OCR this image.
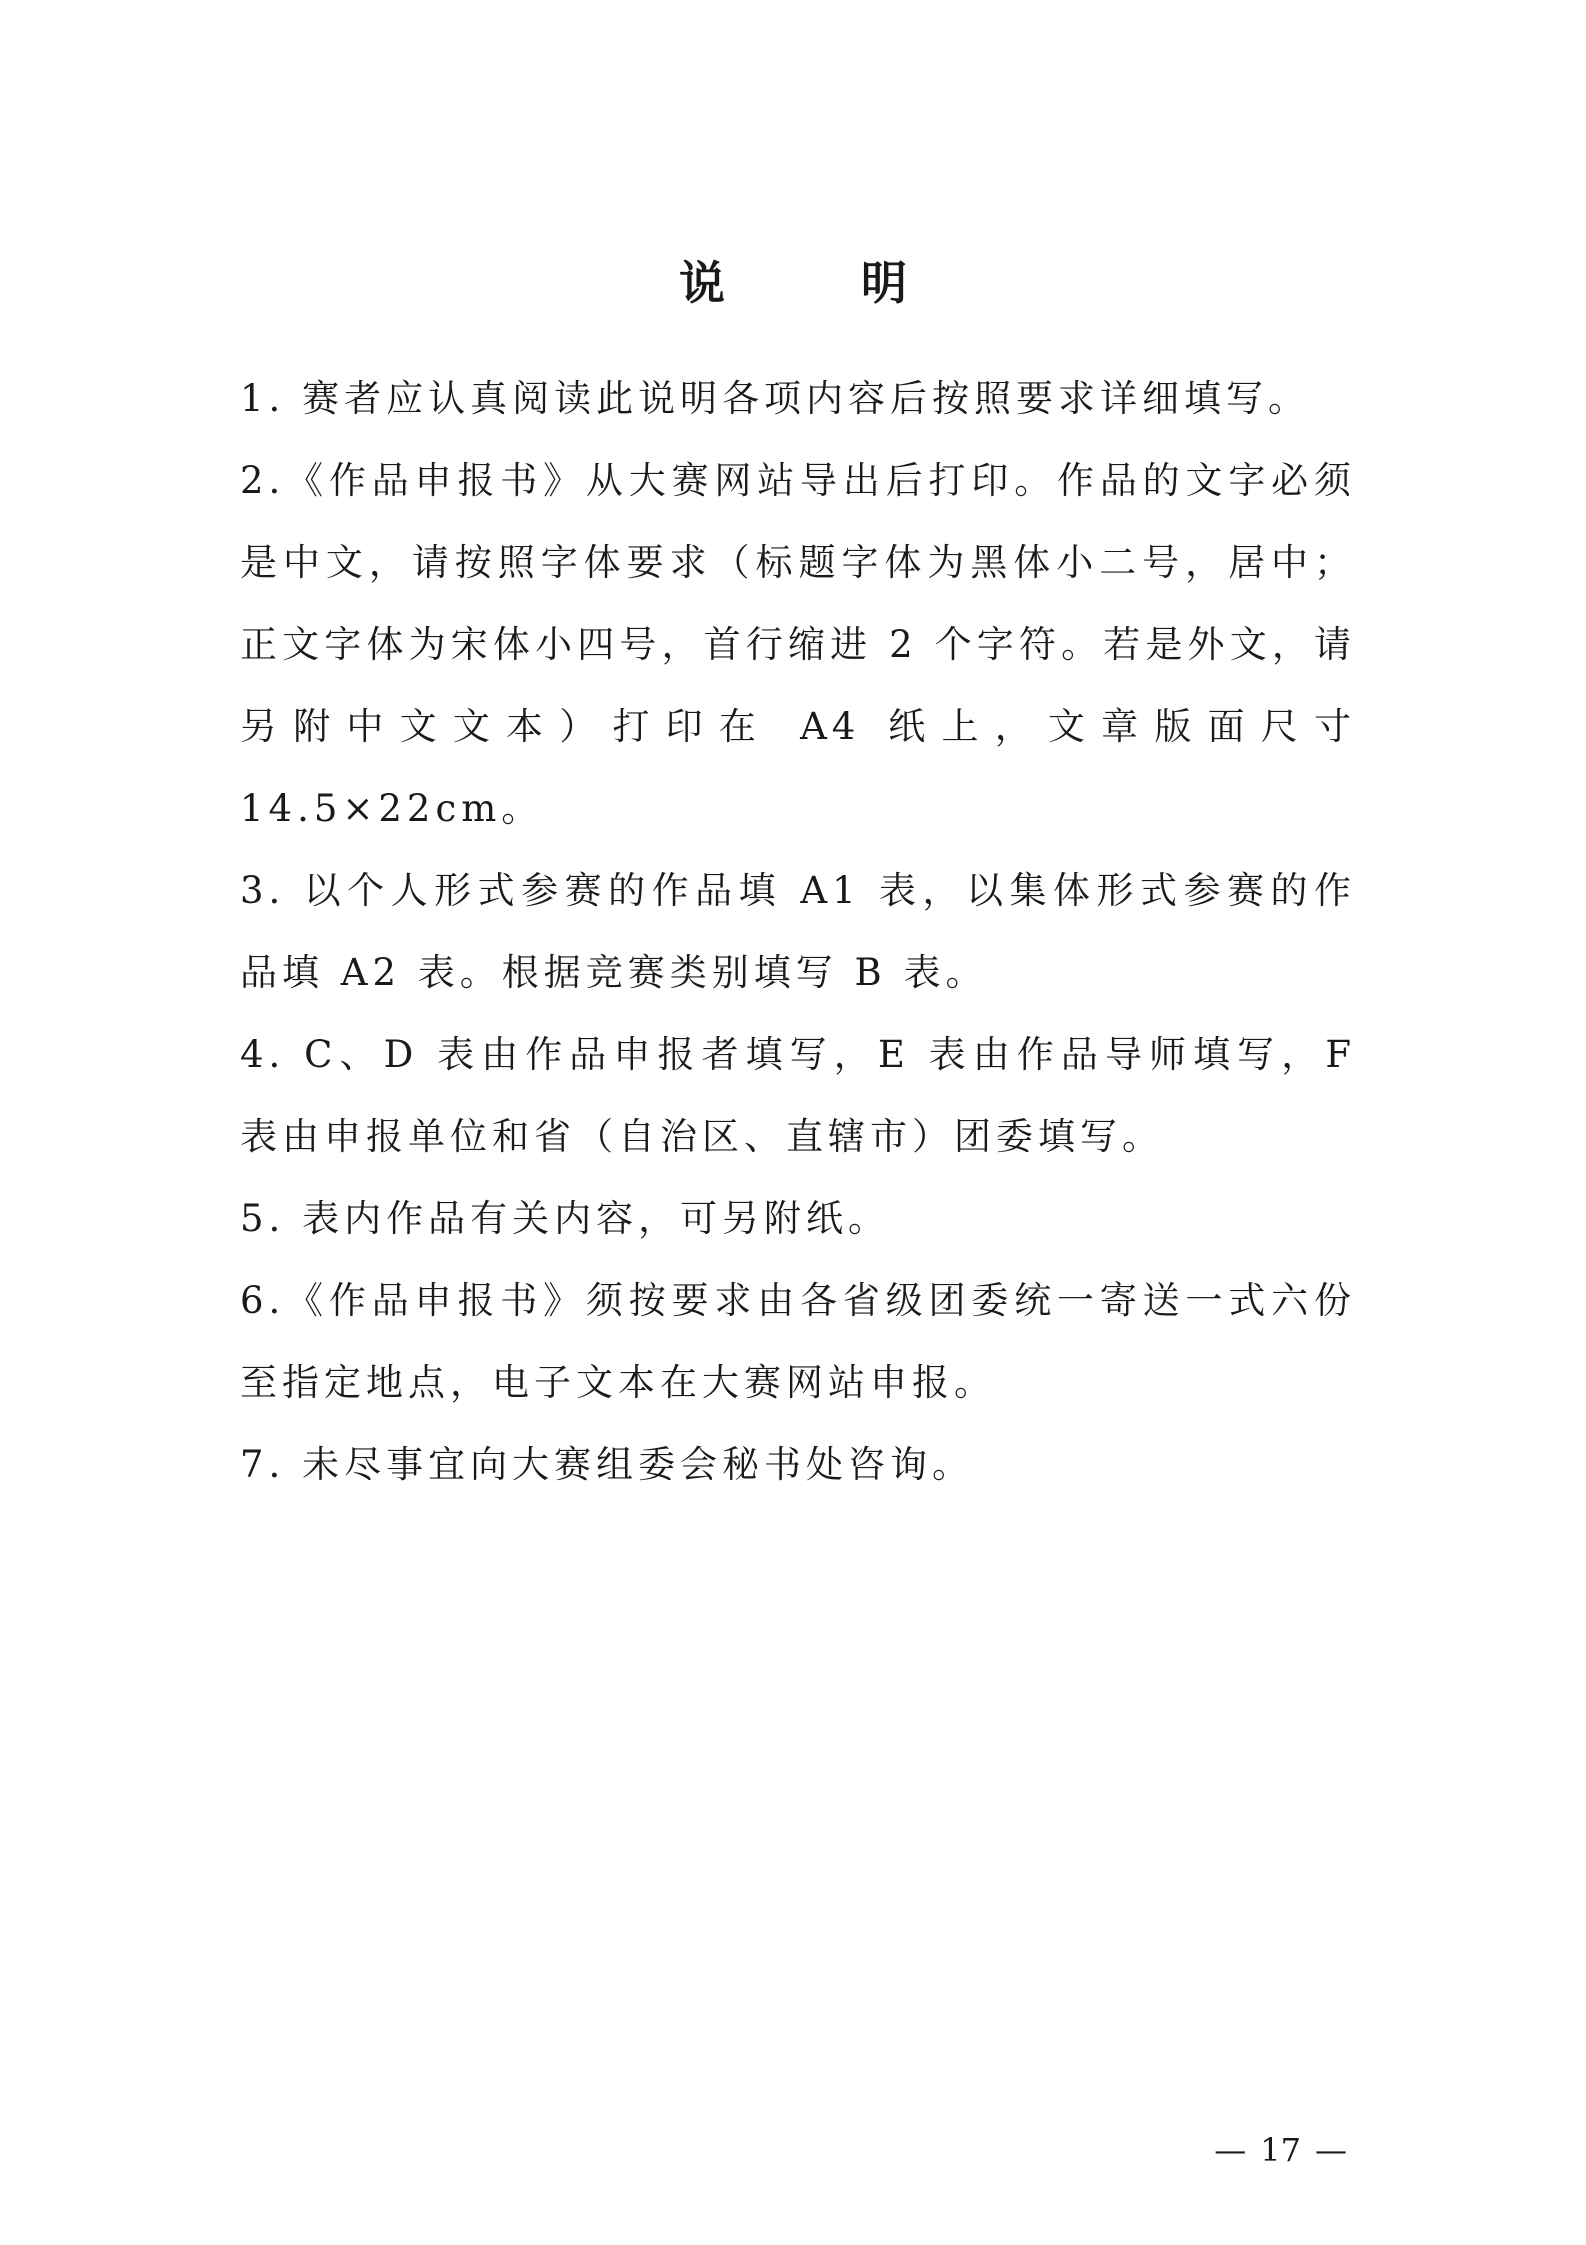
说 明

1. 赛者应认真阅读此说明各项内容后按照要求详细填写。

2.《作品申报书》从大赛网站导出后打印。作品的文字必须是中文，请按照字体要求（标题字体为黑体小二号，居中；正文字体为宋体小四号，首行缩进 2 个字符。若是外文，请另附中文文本）打印在 A4 纸上，文章版面尺寸 14.5×22cm。

3. 以个人形式参赛的作品填 A1 表，以集体形式参赛的作品填 A2 表。根据竞赛类别填写 B 表。

4. C、D 表由作品申报者填写，E 表由作品导师填写，F 表由申报单位和省（自治区、直辖市）团委填写。

5. 表内作品有关内容，可另附纸。

6.《作品申报书》须按要求由各省级团委统一寄送一式六份至指定地点，电子文本在大赛网站申报。

7. 未尽事宜向大赛组委会秘书处咨询。

— 17 —
